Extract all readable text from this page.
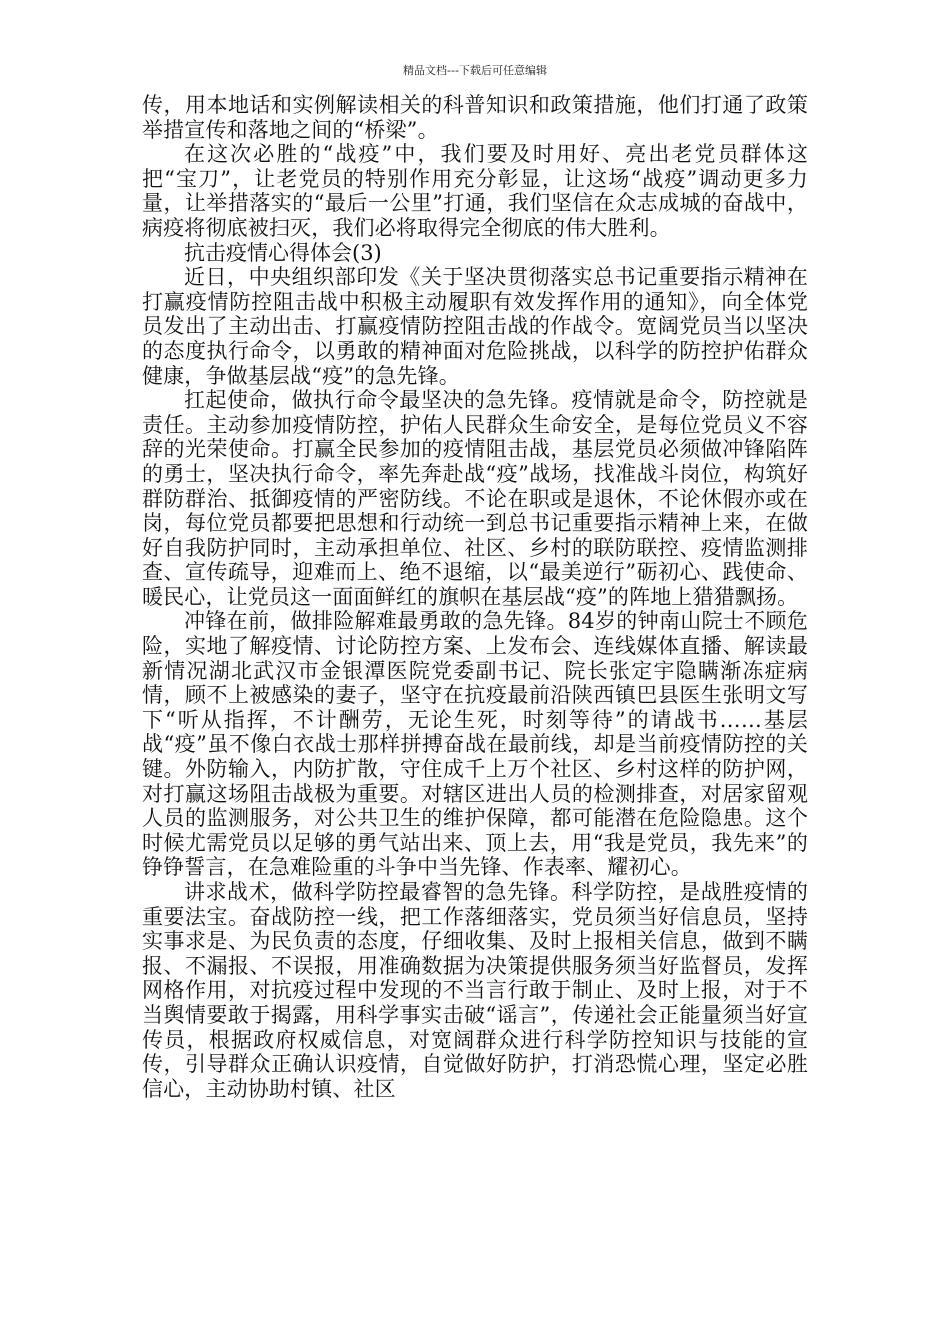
精品文档---下载后可任意编辑

传，用本地话和实例解读相关的科普知识和政策措施，他们打通了政策举措宣传和落地之间的“桥梁”。

在这次必胜的“战疫”中，我们要及时用好、亮出老党员群体这把“宝刀”，让老党员的特别作用充分彰显，让这场“战疫”调动更多力量，让举措落实的“最后一公里”打通，我们坚信在众志成城的奋战中，病疫将彻底被扫灭，我们必将取得完全彻底的伟大胜利。

抗击疫情心得体会(3)

近日，中央组织部印发《关于坚决贯彻落实总书记重要指示精神在打赢疫情防控阻击战中积极主动履职有效发挥作用的通知》，向全体党员发出了主动出击、打赢疫情防控阻击战的作战令。宽阔党员当以坚决的态度执行命令，以勇敢的精神面对危险挑战，以科学的防控护佑群众健康，争做基层战“疫”的急先锋。

扛起使命，做执行命令最坚决的急先锋。疫情就是命令，防控就是责任。主动参加疫情防控，护佑人民群众生命安全，是每位党员义不容辞的光荣使命。打赢全民参加的疫情阻击战，基层党员必须做冲锋陷阵的勇士，坚决执行命令，率先奔赴战“疫”战场，找准战斗岗位，构筑好群防群治、抵御疫情的严密防线。不论在职或是退休，不论休假亦或在岗，每位党员都要把思想和行动统一到总书记重要指示精神上来，在做好自我防护同时，主动承担单位、社区、乡村的联防联控、疫情监测排查、宣传疏导，迎难而上、绝不退缩，以“最美逆行”砺初心、践使命、暖民心，让党员这一面面鲜红的旗帜在基层战“疫”的阵地上猎猎飘扬。

冲锋在前，做排险解难最勇敢的急先锋。84岁的钟南山院士不顾危险，实地了解疫情、讨论防控方案、上发布会、连线媒体直播、解读最新情况湖北武汉市金银潭医院党委副书记、院长张定宇隐瞒渐冻症病情，顾不上被感染的妻子，坚守在抗疫最前沿陕西镇巴县医生张明文写下“听从指挥，不计酬劳，无论生死，时刻等待”的请战书……基层战“疫”虽不像白衣战士那样拼搏奋战在最前线，却是当前疫情防控的关键。外防输入，内防扩散，守住成千上万个社区、乡村这样的防护网，对打赢这场阻击战极为重要。对辖区进出人员的检测排查，对居家留观人员的监测服务，对公共卫生的维护保障，都可能潜在危险隐患。这个时候尤需党员以足够的勇气站出来、顶上去，用“我是党员，我先来”的铮铮誓言，在急难险重的斗争中当先锋、作表率、耀初心。

讲求战术，做科学防控最睿智的急先锋。科学防控，是战胜疫情的重要法宝。奋战防控一线，把工作落细落实，党员须当好信息员，坚持实事求是、为民负责的态度，仔细收集、及时上报相关信息，做到不瞒报、不漏报、不误报，用准确数据为决策提供服务须当好监督员，发挥网格作用，对抗疫过程中发现的不当言行敢于制止、及时上报，对于不当舆情要敢于揭露，用科学事实击破“谣言”，传递社会正能量须当好宣传员，根据政府权威信息，对宽阔群众进行科学防控知识与技能的宣传，引导群众正确认识疫情，自觉做好防护，打消恐慌心理，坚定必胜信心，主动协助村镇、社区
